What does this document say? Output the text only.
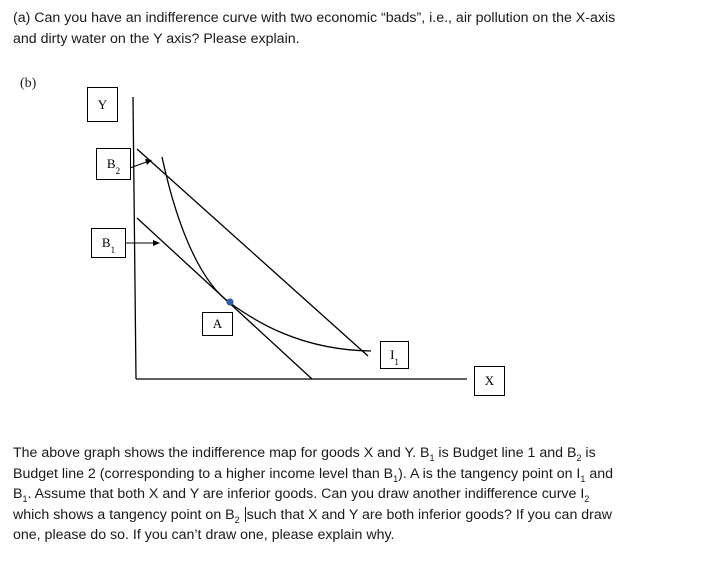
(a) Can you have an indifference curve with two economic “bads”, i.e., air pollution on the X-axis
and dirty water on the Y axis? Please explain.
(b)
Y
$B_2$
$B_1$
A
$I_1$
X
The above graph shows the indifference map for goods X and Y. $B_1$ is Budget line 1 and $B_2$ is
Budget line 2 (corresponding to a higher income level than $B_1$). A is the tangency point on $I_1$ and
$B_1$. Assume that both X and Y are inferior goods. Can you draw another indifference curve $I_2$
which shows a tangency point on $B_2$ such that X and Y are both inferior goods? If you can draw
one, please do so. If you can’t draw one, please explain why.
